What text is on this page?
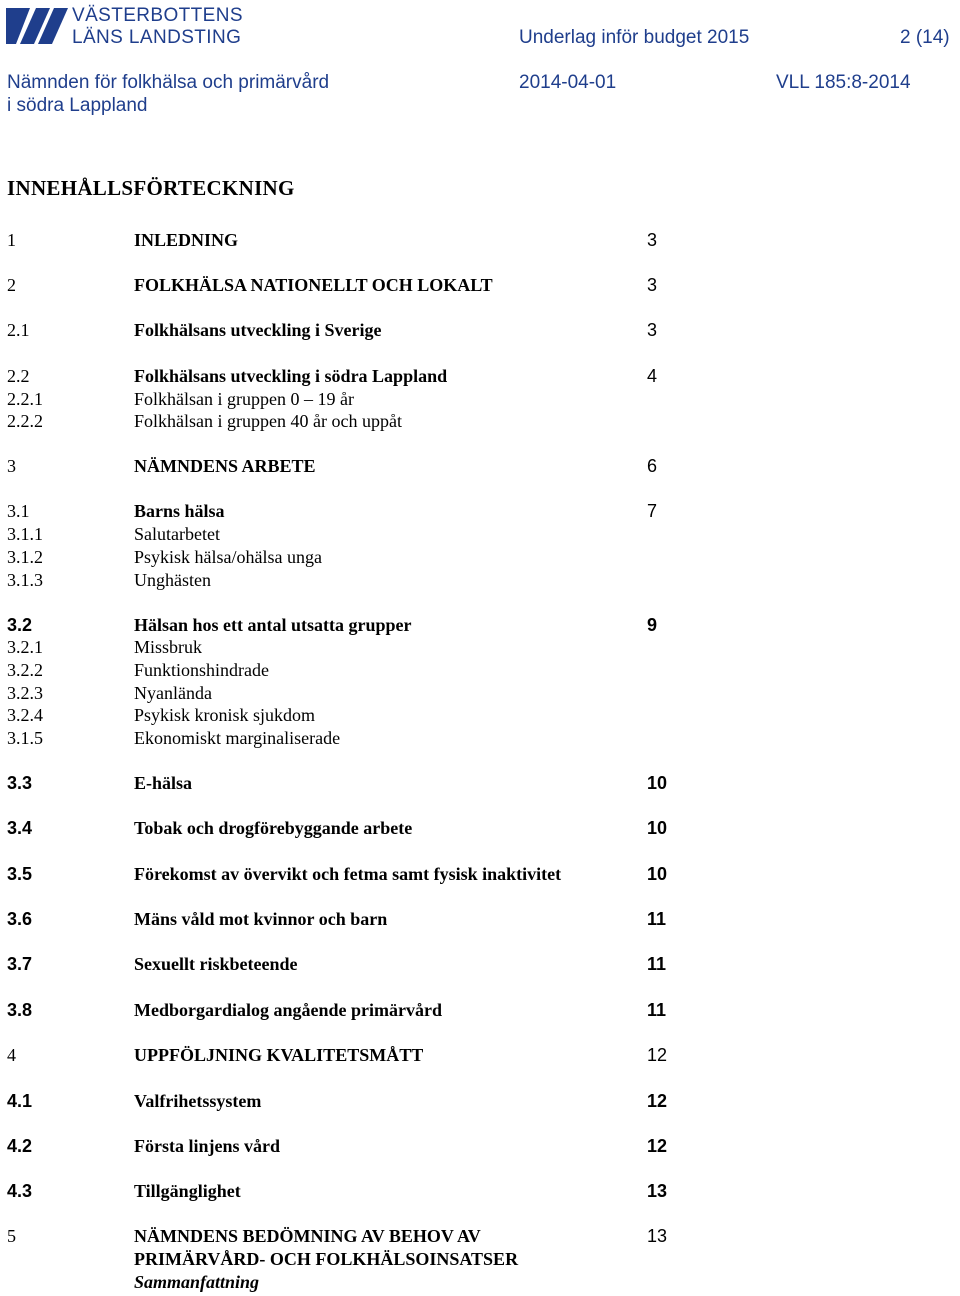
VÄSTERBOTTENS
LÄNS LANDSTING	Underlag inför budget 2015	2 (14)
Nämnden för folkhälsa och primärvård
i södra Lappland
2014-04-01	VLL 185:8-2014
INNEHÅLLSFÖRTECKNING
1	INLEDNING	3
2	FOLKHÄLSA NATIONELLT OCH LOKALT	3
2.1	Folkhälsans utveckling i Sverige	3
2.2	Folkhälsans utveckling i södra Lappland	4
2.2.1	Folkhälsan i gruppen 0 – 19 år
2.2.2	Folkhälsan i gruppen 40 år och uppåt
3	NÄMNDENS ARBETE	6
3.1	Barns hälsa	7
3.1.1	Salutarbetet
3.1.2	Psykisk hälsa/ohälsa unga
3.1.3	Unghästen
3.2	Hälsan hos ett antal utsatta grupper	9
3.2.1	Missbruk
3.2.2	Funktionshindrade
3.2.3	Nyanlända
3.2.4	Psykisk kronisk sjukdom
3.1.5	Ekonomiskt marginaliserade
3.3	E-hälsa	10
3.4	Tobak och drogförebyggande arbete	10
3.5	Förekomst av övervikt och fetma samt fysisk inaktivitet	10
3.6	Mäns våld mot kvinnor och barn	11
3.7	Sexuellt riskbeteende	11
3.8	Medborgardialog angående primärvård	11
4	UPPFÖLJNING KVALITETSMÅTT	12
4.1	Valfrihetssystem	12
4.2	Första linjens vård	12
4.3	Tillgänglighet	13
5	NÄMNDENS BEDÖMNING AV BEHOV AV	13
PRIMÄRVÅRD- OCH FOLKHÄLSOINSATSER
Sammanfattning
